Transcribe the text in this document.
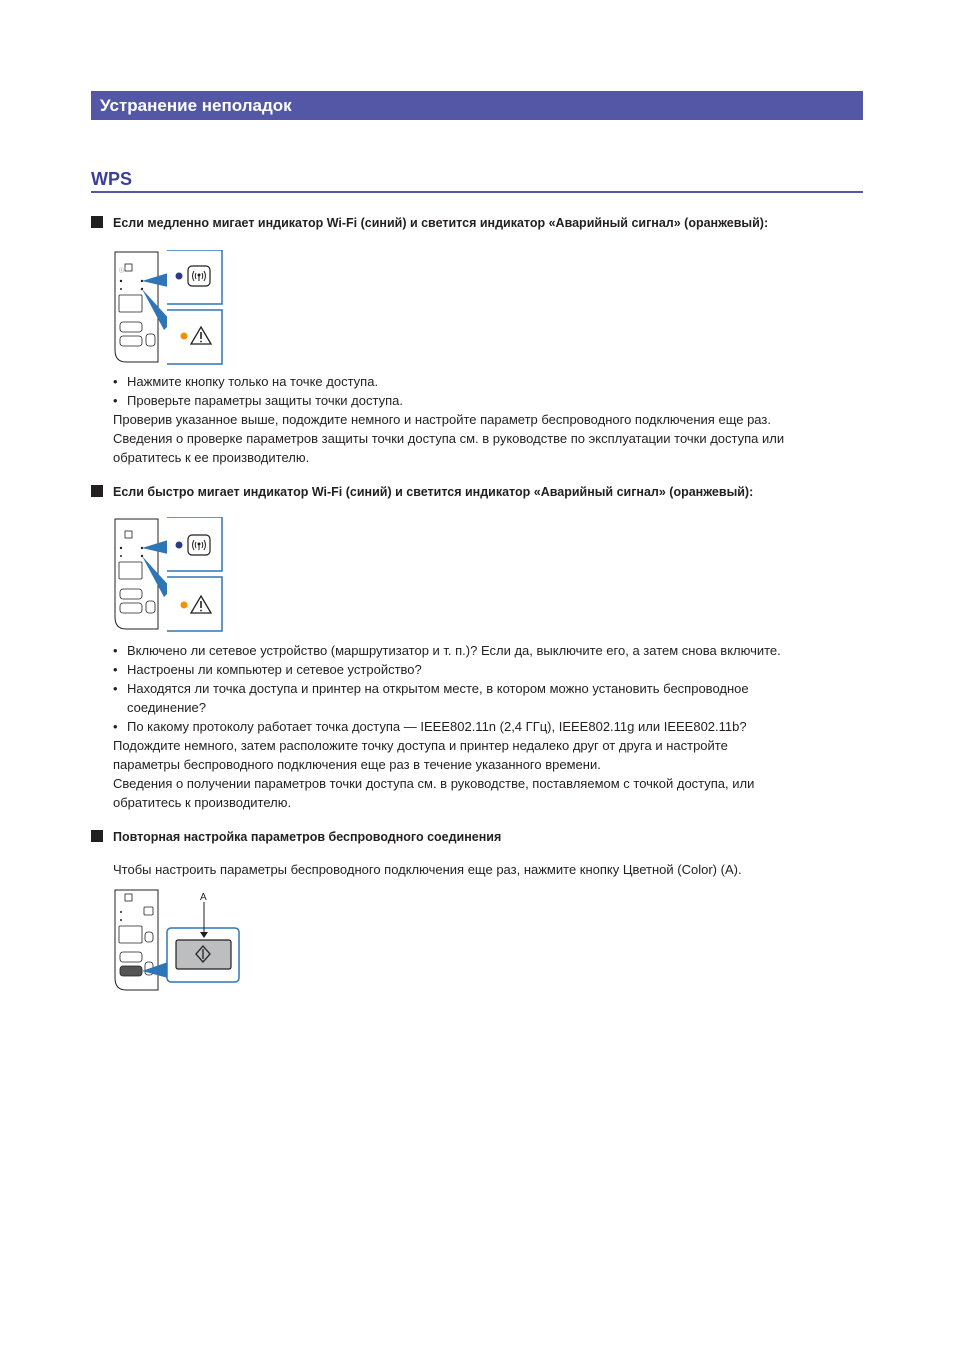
Устранение неполадок
WPS
Если медленно мигает индикатор Wi-Fi (синий) и светится индикатор «Аварийный сигнал» (оранжевый):
ⓘ
• Нажмите кнопку только на точке доступа.
• Проверьте параметры защиты точки доступа.
Проверив указанное выше, подождите немного и настройте параметр беспроводного подключения еще раз.
Сведения о проверке параметров защиты точки доступа см. в руководстве по эксплуатации точки доступа или
обратитесь к ее производителю.
Если быстро мигает индикатор Wi-Fi (синий) и светится индикатор «Аварийный сигнал» (оранжевый):
• Включено ли сетевое устройство (маршрутизатор и т. п.)? Если да, выключите его, а затем снова включите.
• Настроены ли компьютер и сетевое устройство?
• Находятся ли точка доступа и принтер на открытом месте, в котором можно установить беспроводное
соединение?
• По какому протоколу работает точка доступа — IEEE802.11n (2,4 ГГц), IEEE802.11g или IEEE802.11b?
Подождите немного, затем расположите точку доступа и принтер недалеко друг от друга и настройте
параметры беспроводного подключения еще раз в течение указанного времени.
Сведения о получении параметров точки доступа см. в руководстве, поставляемом с точкой доступа, или
обратитесь к производителю.
Повторная настройка параметров беспроводного соединения
Чтобы настроить параметры беспроводного подключения еще раз, нажмите кнопку Цветной (Color) (A).
A
